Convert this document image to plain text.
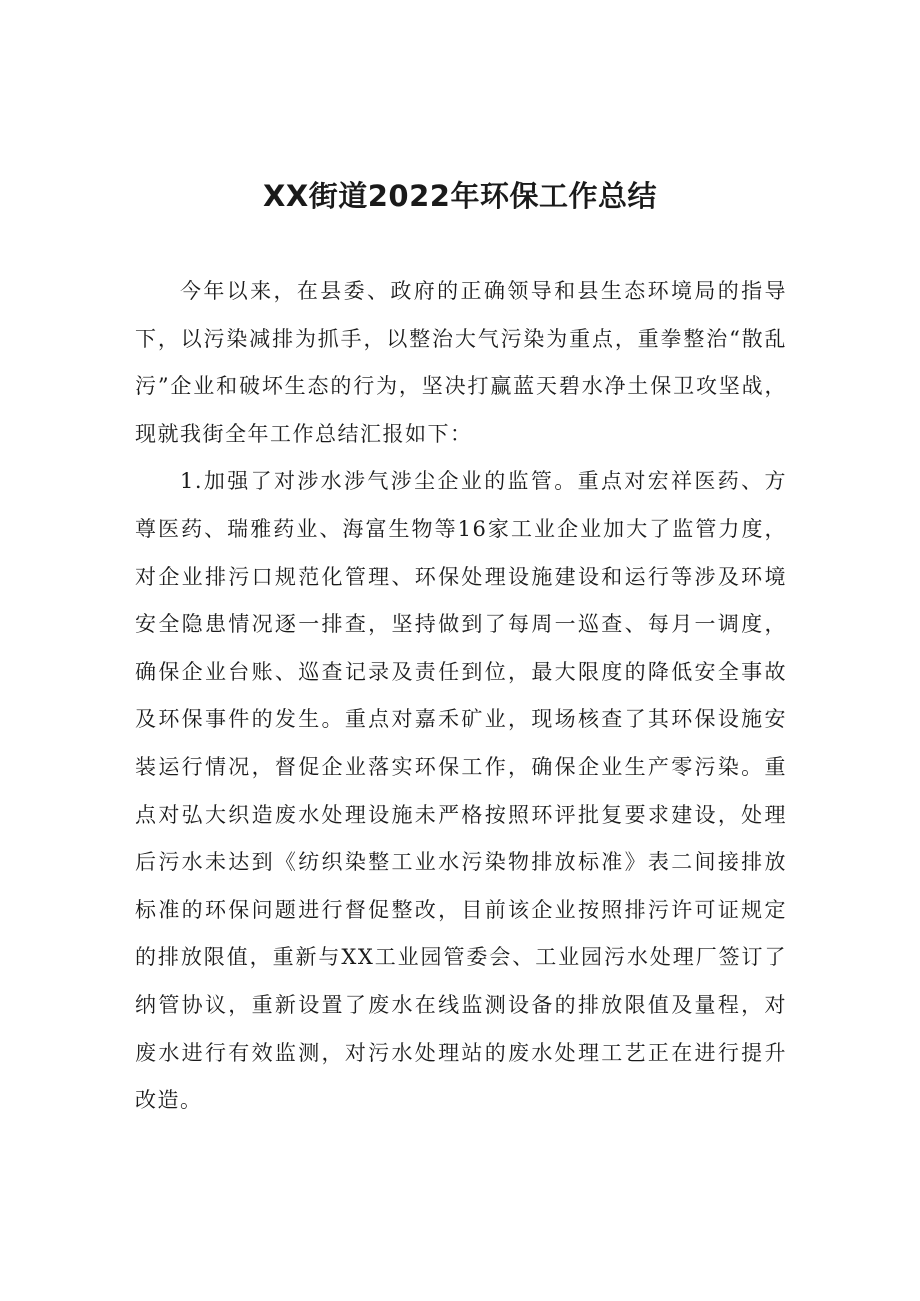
XX街道2022年环保工作总结

今年以来，在县委、政府的正确领导和县生态环境局的指导下，以污染减排为抓手，以整治大气污染为重点，重拳整治“散乱污”企业和破坏生态的行为，坚决打赢蓝天碧水净土保卫攻坚战，现就我街全年工作总结汇报如下：

1.加强了对涉水涉气涉尘企业的监管。重点对宏祥医药、方尊医药、瑞雅药业、海富生物等16家工业企业加大了监管力度，对企业排污口规范化管理、环保处理设施建设和运行等涉及环境安全隐患情况逐一排查，坚持做到了每周一巡查、每月一调度，确保企业台账、巡查记录及责任到位，最大限度的降低安全事故及环保事件的发生。重点对嘉禾矿业，现场核查了其环保设施安装运行情况，督促企业落实环保工作，确保企业生产零污染。重点对弘大织造废水处理设施未严格按照环评批复要求建设，处理后污水未达到《纺织染整工业水污染物排放标准》表二间接排放标准的环保问题进行督促整改，目前该企业按照排污许可证规定的排放限值，重新与XX工业园管委会、工业园污水处理厂签订了纳管协议，重新设置了废水在线监测设备的排放限值及量程，对废水进行有效监测，对污水处理站的废水处理工艺正在进行提升改造。
